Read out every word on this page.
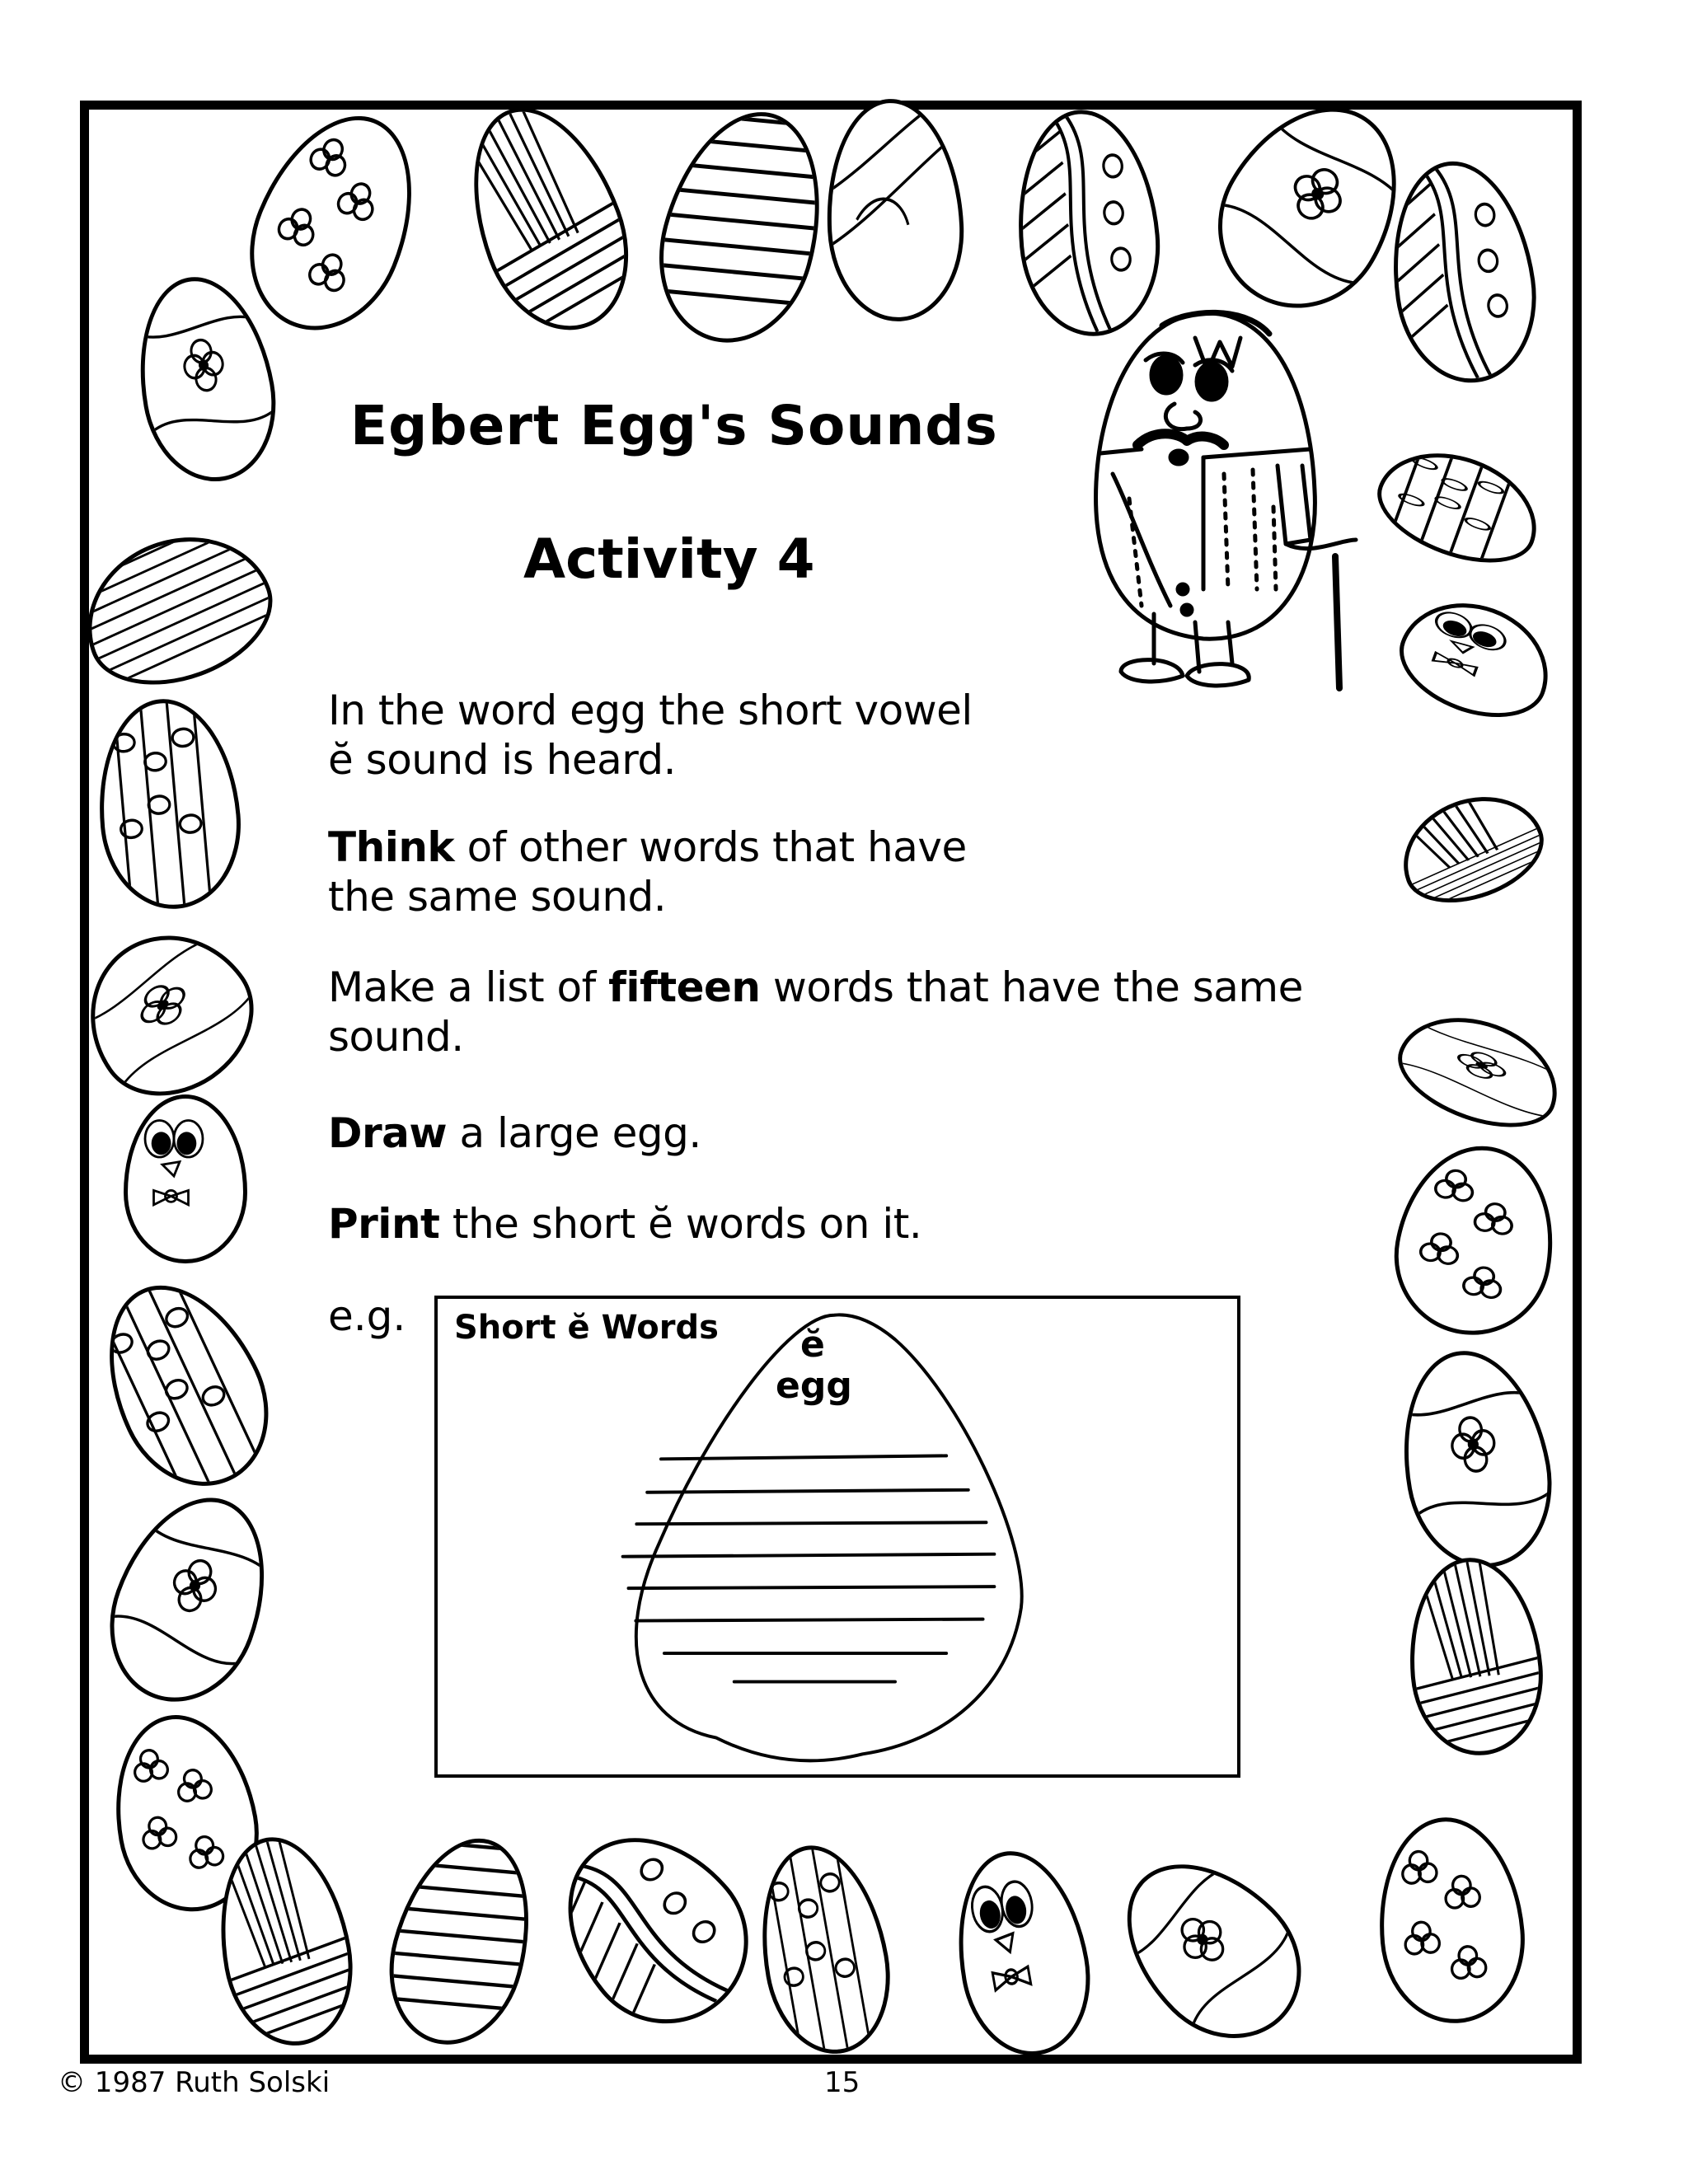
Egbert Egg's Sounds
Activity 4
In the word egg the short vowel
ĕ sound is heard.
Think of other words that have
the same sound.
Make a list of fifteen words that have the same
sound.
Draw a large egg.
Print the short ĕ words on it.
e.g. Short ĕ Words ĕ
egg
© 1987 Ruth Solski	15
